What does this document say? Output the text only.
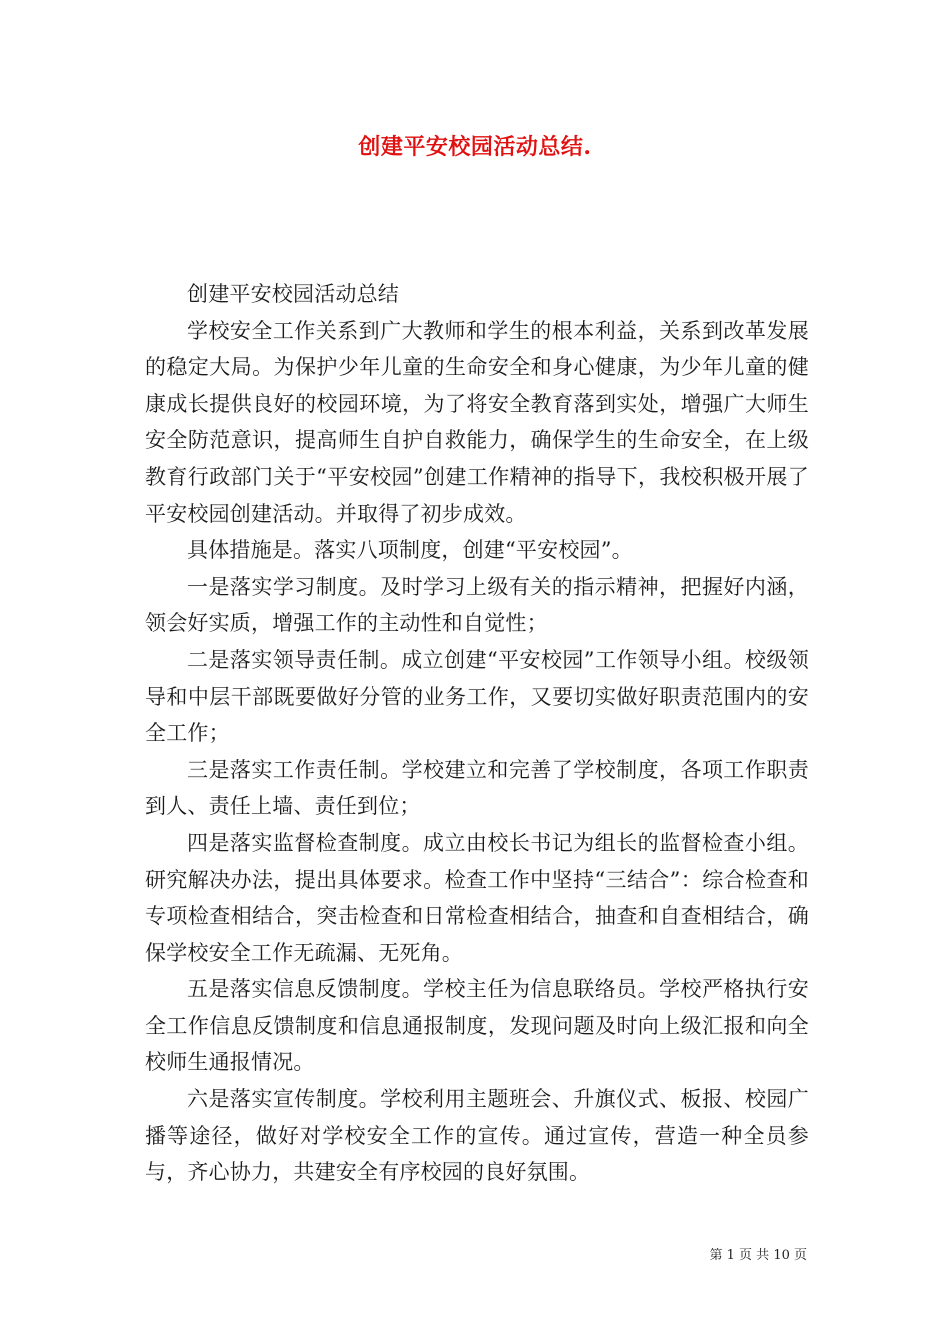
创建平安校园活动总结.

创建平安校园活动总结

学校安全工作关系到广大教师和学生的根本利益，关系到改革发展的稳定大局。为保护少年儿童的生命安全和身心健康，为少年儿童的健康成长提供良好的校园环境，为了将安全教育落到实处，增强广大师生安全防范意识，提高师生自护自救能力，确保学生的生命安全，在上级教育行政部门关于“平安校园”创建工作精神的指导下，我校积极开展了平安校园创建活动。并取得了初步成效。

具体措施是。落实八项制度，创建“平安校园”。

一是落实学习制度。及时学习上级有关的指示精神，把握好内涵，领会好实质，增强工作的主动性和自觉性；

二是落实领导责任制。成立创建“平安校园”工作领导小组。校级领导和中层干部既要做好分管的业务工作，又要切实做好职责范围内的安全工作；

三是落实工作责任制。学校建立和完善了学校制度，各项工作职责到人、责任上墙、责任到位；

四是落实监督检查制度。成立由校长书记为组长的监督检查小组。研究解决办法，提出具体要求。检查工作中坚持“三结合”：综合检查和专项检查相结合，突击检查和日常检查相结合，抽查和自查相结合，确保学校安全工作无疏漏、无死角。

五是落实信息反馈制度。学校主任为信息联络员。学校严格执行安全工作信息反馈制度和信息通报制度，发现问题及时向上级汇报和向全校师生通报情况。

六是落实宣传制度。学校利用主题班会、升旗仪式、板报、校园广播等途径，做好对学校安全工作的宣传。通过宣传，营造一种全员参与，齐心协力，共建安全有序校园的良好氛围。

第 1 页 共 10 页
